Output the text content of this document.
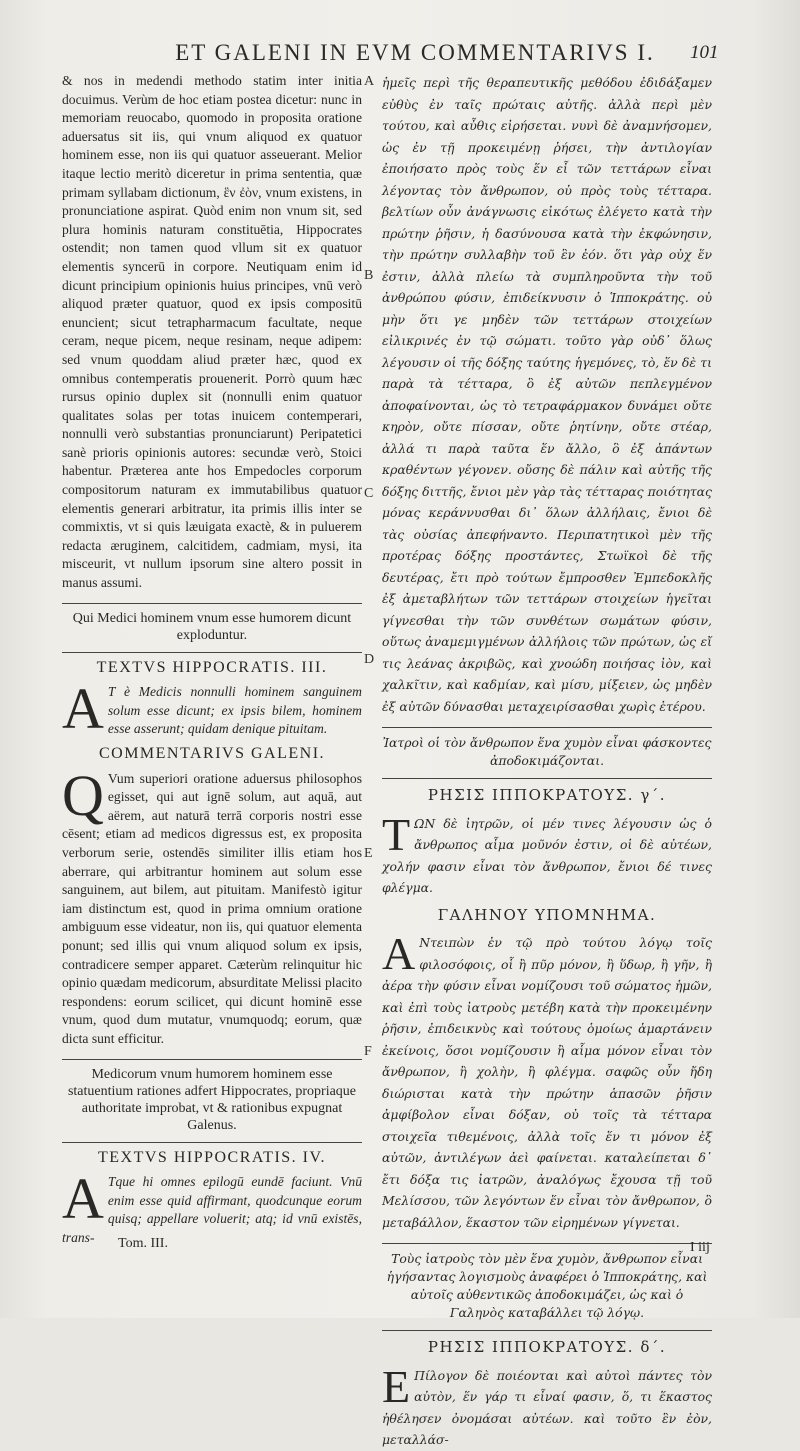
ET GALENI IN EVM COMMENTARIVS I. 101

& nos in medendi methodo statim inter initia docuimus. Verùm de hoc etiam postea dicetur: nunc in memoriam reuocabo, quomodo in proposita oratione aduersatus sit iis, qui vnum aliquod ex quatuor hominem esse, non iis qui quatuor asseuerant. Melior itaque lectio meritò diceretur in prima sententia, quæ primam syllabam dictionum, ἓν ἐὸν, vnum existens, in pronunciatione aspirat. Quòd enim non vnum sit, sed plura hominis naturam constituētia, Hippocrates ostendit; non tamen quod vllum sit ex quatuor elementis syncerū in corpore. Neutiquam enim id dicunt principium opinionis huius principes, vnū verò aliquod præter quatuor, quod ex ipsis compositū enuncient; sicut tetrapharmacum facultate, neque ceram, neque picem, neque resinam, neque adipem: sed vnum quoddam aliud præter hæc, quod ex omnibus contemperatis prouenerit. Porrò quum hæc rursus opinio duplex sit (nonnulli enim quatuor qualitates solas per totas inuicem contemperari, nonnulli verò substantias pronunciarunt) Peripatetici sanè prioris opinionis autores: secundæ verò, Stoici habentur. Præterea ante hos Empedocles corporum compositorum naturam ex immutabilibus quatuor elementis generari arbitratur, ita primis illis inter se commixtis, vt si quis læuigata exactè, & in puluerem redacta æruginem, calcitidem, cadmiam, mysi, ita misceurit, vt nullum ipsorum sine altero possit in manus assumi.

Qui Medici hominem vnum esse humorem dicunt exploduntur.
TEXTVS HIPPOCRATIS. III.

A T è Medicis nonnulli hominem sanguinem solum esse dicunt; ex ipsis bilem, hominem esse asserunt; quidam denique pituitam.

COMMENTARIVS GALENI.

Q Vum superiori oratione aduersus philosophos egisset, qui aut ignē solum, aut aquā, aut aërem, aut naturā terrā corporis nostri esse cēsent; etiam ad medicos digressus est, ex proposita verborum serie, ostendēs similiter illis etiam hos aberrare, qui arbitrantur hominem aut solum esse sanguinem, aut bilem, aut pituitam. Manifestò igitur iam distinctum est, quod in prima omnium oratione ambiguum esse videatur, non iis, qui quatuor elementa ponunt; sed illis qui vnum aliquod solum ex ipsis, contradicere semper apparet. Cæterùm relinquitur hic opinio quædam medicorum, absurditate Melissi placito respondens: eorum scilicet, qui dicunt hominē esse vnum, quod dum mutatur, vnumquodq; eorum, quæ dicta sunt efficitur.

Medicorum vnum humorem hominem esse statuentium rationes adfert Hippocrates, propriaque authoritate improbat, vt & rationibus expugnat Galenus.
TEXTVS HIPPOCRATIS. IV.

A Tque hi omnes epilogū eundē faciunt. Vnū enim esse quid affirmant, quodcunque eorum quisq; appellare voluerit; atq; id vnū existēs, trans-

ἡμεῖς περὶ τῆς θεραπευτικῆς μεθόδου ἐδιδάξαμεν εὐθὺς ἐν ταῖς πρώταις αὐτῆς. ἀλλὰ περὶ μὲν τούτου, καὶ αὖθις εἰρήσεται. νυνὶ δὲ ἀναμνήσομεν, ὡς ἐν τῇ προκειμένῃ ῥήσει, τὴν ἀντιλογίαν ἐποιήσατο πρὸς τοὺς ἕν εἶ τῶν τεττάρων εἶναι λέγοντας τὸν ἄνθρωπον, οὐ πρὸς τοὺς τέτταρα. βελτίων οὖν ἀνάγνωσις εἰκότως ἐλέγετο κατὰ τὴν πρώτην ῥῆσιν, ἡ δασύνουσα κατὰ τὴν ἐκφώνησιν, τὴν πρώτην συλλαβὴν τοῦ ἓν ἐόν. ὅτι γὰρ οὐχ ἕν ἐστιν, ἀλλὰ πλείω τὰ συμπληροῦντα τὴν τοῦ ἀνθρώπου φύσιν, ἐπιδείκνυσιν ὁ Ἱπποκράτης. οὐ μὴν ὅτι γε μηδὲν τῶν τεττάρων στοιχείων εἰλικρινές ἐν τῷ σώματι. τοῦτο γὰρ οὐδ᾽ ὅλως λέγουσιν οἱ τῆς δόξης ταύτης ἡγεμόνες, τὸ, ἕν δὲ τι παρὰ τὰ τέτταρα, ὃ ἐξ αὐτῶν πεπλεγμένον ἀποφαίνονται, ὡς τὸ τετραφάρμακον δυνάμει οὔτε κηρὸν, οὔτε πίσσαν, οὔτε ῥητίνην, οὔτε στέαρ, ἀλλά τι παρὰ ταῦτα ἕν ἄλλο, ὃ ἐξ ἁπάντων κραθέντων γέγονεν. οὔσης δὲ πάλιν καὶ αὐτῆς τῆς δόξης διττῆς, ἔνιοι μὲν γὰρ τὰς τέτταρας ποιότητας μόνας κεράννυσθαι δι᾽ ὅλων ἀλλήλαις, ἔνιοι δὲ τὰς οὐσίας ἀπεφήναντο. Περιπατητικοὶ μὲν τῆς προτέρας δόξης προστάντες, Στωϊκοὶ δὲ τῆς δευτέρας, ἔτι πρὸ τούτων ἔμπροσθεν Ἐμπεδοκλῆς ἐξ ἀμεταβλήτων τῶν τεττάρων στοιχείων ἡγεῖται γίγνεσθαι τὴν τῶν συνθέτων σωμάτων φύσιν, οὕτως ἀναμεμιγμένων ἀλλήλοις τῶν πρώτων, ὡς εἴ τις λεάνας ἀκριβῶς, καὶ χνοώδη ποιήσας ἰὸν, καὶ χαλκῖτιν, καὶ καδμίαν, καὶ μίσυ, μίξειεν, ὡς μηδὲν ἐξ αὐτῶν δύνασθαι μεταχειρίσασθαι χωρὶς ἑτέρου.

Ἰατροὶ οἱ τὸν ἄνθρωπον ἕνα χυμὸν εἶναι φάσκοντες ἀποδοκιμάζονται.
ΡΗΣΙΣ ΙΠΠΟΚΡΑΤΟΥΣ. γ΄.

TΩΝ δὲ ἰητρῶν, οἱ μέν τινες λέγουσιν ὡς ὁ ἄνθρωπος αἷμα μοῦνόν ἐστιν, οἱ δὲ αὐτέων, χολήν φασιν εἶναι τὸν ἄνθρωπον, ἔνιοι δέ τινες φλέγμα.

ΓΑΛΗΝΟΥ ΥΠΟΜΝΗΜΑ.

A Ντειπὼν ἐν τῷ πρὸ τούτου λόγῳ τοῖς φιλοσόφοις, οἷ ἢ πῦρ μόνον, ἢ ὕδωρ, ἢ γῆν, ἢ ἀέρα τὴν φύσιν εἶναι νομίζουσι τοῦ σώματος ἡμῶν, καὶ ἐπὶ τοὺς ἰατροὺς μετέβη κατὰ τὴν προκειμένην ῥῆσιν, ἐπιδεικνὺς καὶ τούτους ὁμοίως ἁμαρτάνειν ἐκείνοις, ὅσοι νομίζουσιν ἢ αἷμα μόνον εἶναι τὸν ἄνθρωπον, ἢ χολὴν, ἢ φλέγμα. σαφῶς οὖν ἤδη διώρισται κατὰ τὴν πρώτην ἁπασῶν ῥῆσιν ἀμφίβολον εἶναι δόξαν, οὐ τοῖς τὰ τέτταρα στοιχεῖα τιθεμένοις, ἀλλὰ τοῖς ἕν τι μόνον ἐξ αὐτῶν, ἀντιλέγων ἀεὶ φαίνεται. καταλείπεται δ᾽ ἔτι δόξα τις ἰατρῶν, ἀναλόγως ἔχουσα τῇ τοῦ Μελίσσου, τῶν λεγόντων ἕν εἶναι τὸν ἄνθρωπον, ὃ μεταβάλλον, ἕκαστον τῶν εἰρημένων γίγνεται.

Τοὺς ἰατροὺς τὸν μὲν ἕνα χυμὸν, ἄνθρωπον εἶναι ἡγήσαντας λογισμοὺς ἀναφέρει ὁ Ἱπποκράτης, καὶ αὐτοῖς αὐθεντικῶς ἀποδοκιμάζει, ὡς καὶ ὁ Γαληνὸς καταβάλλει τῷ λόγῳ.
ΡΗΣΙΣ ΙΠΠΟΚΡΑΤΟΥΣ. δ΄.

E Πίλογον δὲ ποιέονται καὶ αὐτοὶ πάντες τὸν αὐτὸν, ἕν γάρ τι εἶναί φασιν, ὅ, τι ἕκαστος ἠθέλησεν ὀνομάσαι αὐτέων. καὶ τοῦτο ἓν ἐὸν, μεταλλάσ-

A
B
C
D
E
F
Tom. III.	I iij
